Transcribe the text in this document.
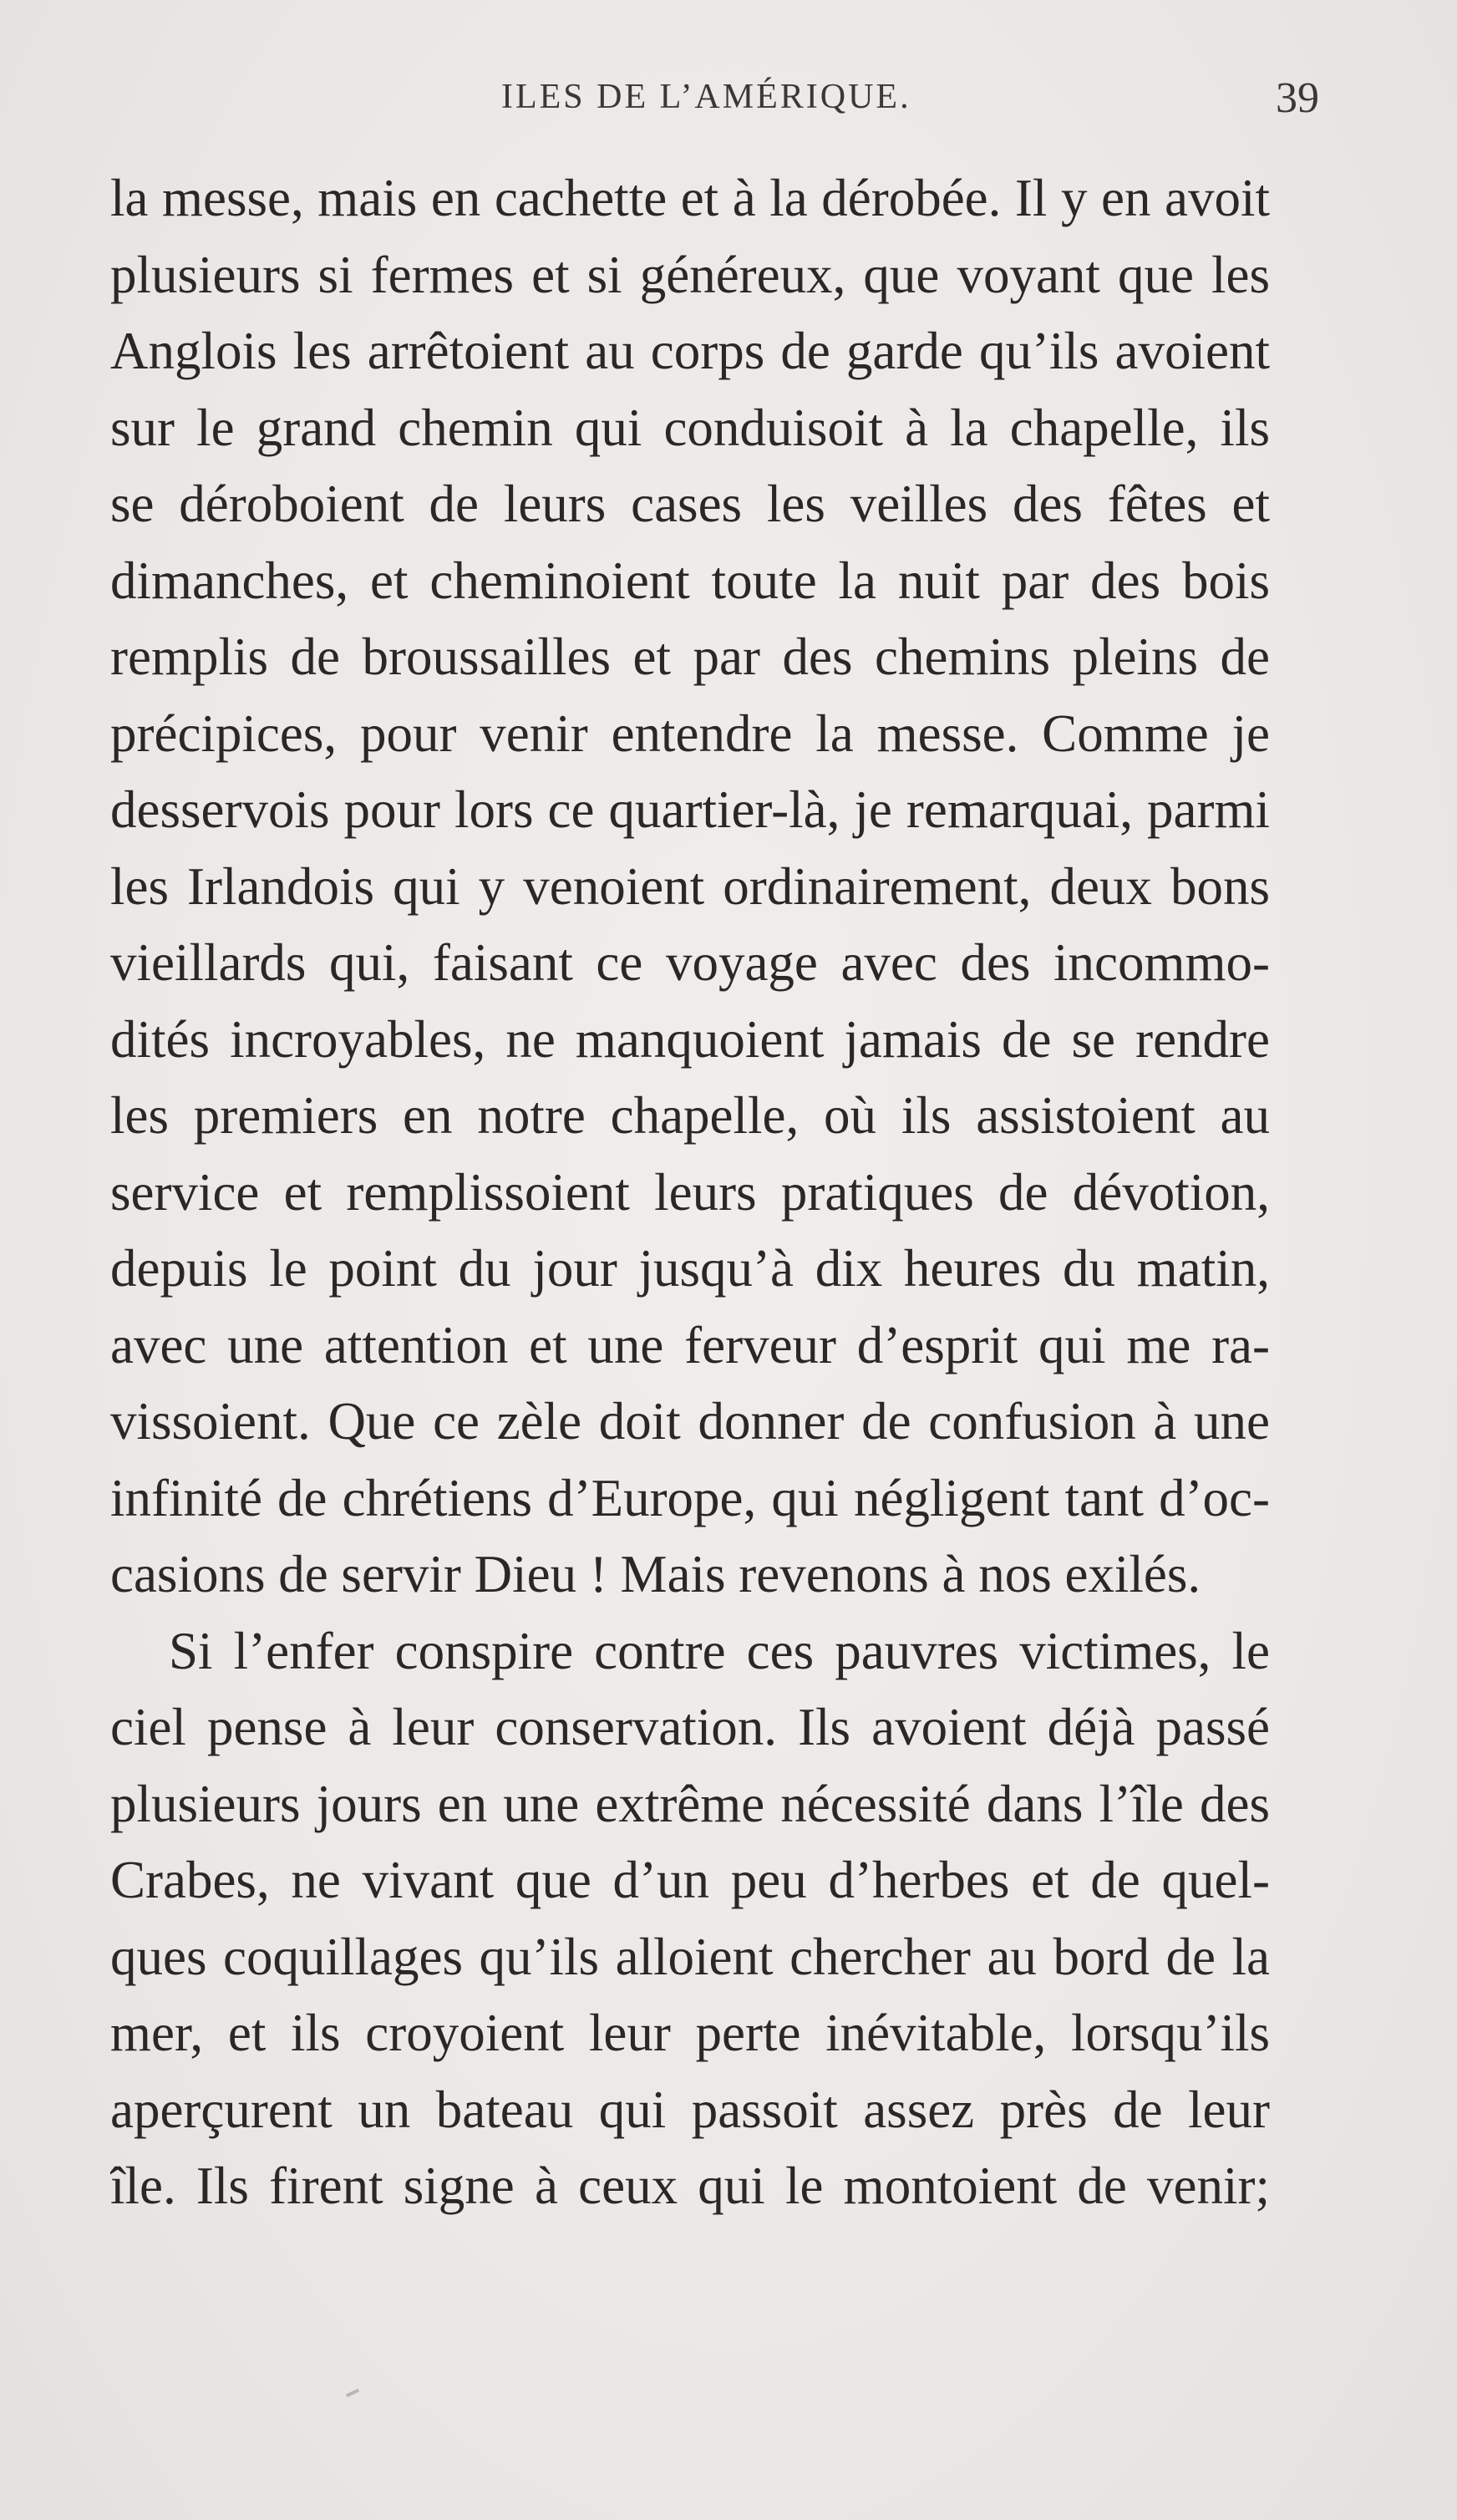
ILES DE L’AMÉRIQUE.	39
la messe, mais en cachette et à la dérobée. Il y en avoit
plusieurs si fermes et si généreux, que voyant que les
Anglois les arrêtoient au corps de garde qu’ils avoient
sur le grand chemin qui conduisoit à la chapelle, ils
se déroboient de leurs cases les veilles des fêtes et
dimanches, et cheminoient toute la nuit par des bois
remplis de broussailles et par des chemins pleins de
précipices, pour venir entendre la messe. Comme je
desservois pour lors ce quartier-là, je remarquai, parmi
les Irlandois qui y venoient ordinairement, deux bons
vieillards qui, faisant ce voyage avec des incommo-
dités incroyables, ne manquoient jamais de se rendre
les premiers en notre chapelle, où ils assistoient au
service et remplissoient leurs pratiques de dévotion,
depuis le point du jour jusqu’à dix heures du matin,
avec une attention et une ferveur d’esprit qui me ra-
vissoient. Que ce zèle doit donner de confusion à une
infinité de chrétiens d’Europe, qui négligent tant d’oc-
casions de servir Dieu ! Mais revenons à nos exilés.
Si l’enfer conspire contre ces pauvres victimes, le
ciel pense à leur conservation. Ils avoient déjà passé
plusieurs jours en une extrême nécessité dans l’île des
Crabes, ne vivant que d’un peu d’herbes et de quel-
ques coquillages qu’ils alloient chercher au bord de la
mer, et ils croyoient leur perte inévitable, lorsqu’ils
aperçurent un bateau qui passoit assez près de leur
île. Ils firent signe à ceux qui le montoient de venir;
